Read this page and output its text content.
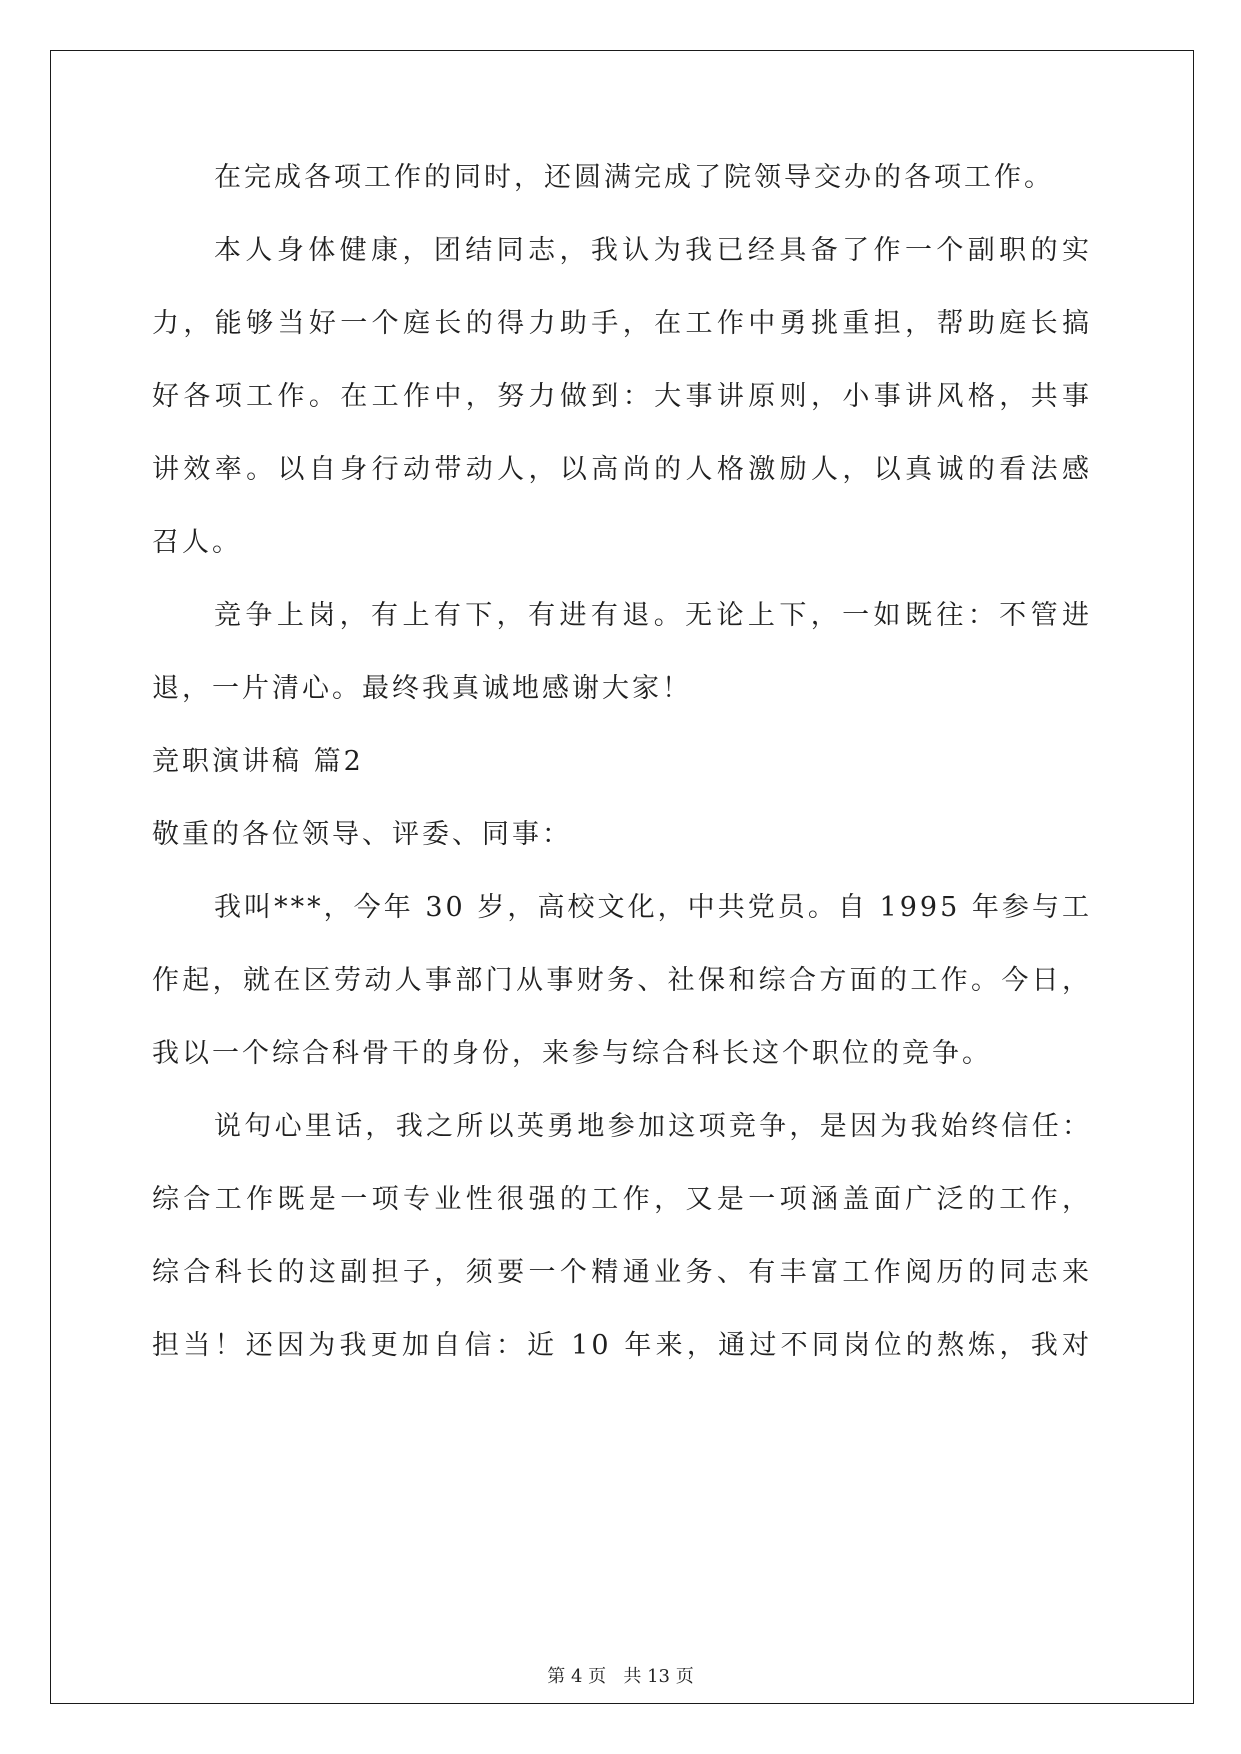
在完成各项工作的同时，还圆满完成了院领导交办的各项工作。
本人身体健康，团结同志，我认为我已经具备了作一个副职的实
力，能够当好一个庭长的得力助手，在工作中勇挑重担，帮助庭长搞
好各项工作。在工作中，努力做到：大事讲原则，小事讲风格，共事
讲效率。以自身行动带动人，以高尚的人格激励人，以真诚的看法感
召人。
竞争上岗，有上有下，有进有退。无论上下，一如既往：不管进
退，一片清心。最终我真诚地感谢大家！
竞职演讲稿 篇2
敬重的各位领导、评委、同事：
我叫***，今年 30 岁，高校文化，中共党员。自 1995 年参与工
作起，就在区劳动人事部门从事财务、社保和综合方面的工作。今日，
我以一个综合科骨干的身份，来参与综合科长这个职位的竞争。
说句心里话，我之所以英勇地参加这项竞争，是因为我始终信任：
综合工作既是一项专业性很强的工作，又是一项涵盖面广泛的工作，
综合科长的这副担子，须要一个精通业务、有丰富工作阅历的同志来
担当！还因为我更加自信：近 10 年来，通过不同岗位的熬炼，我对
第 4 页   共 13 页
